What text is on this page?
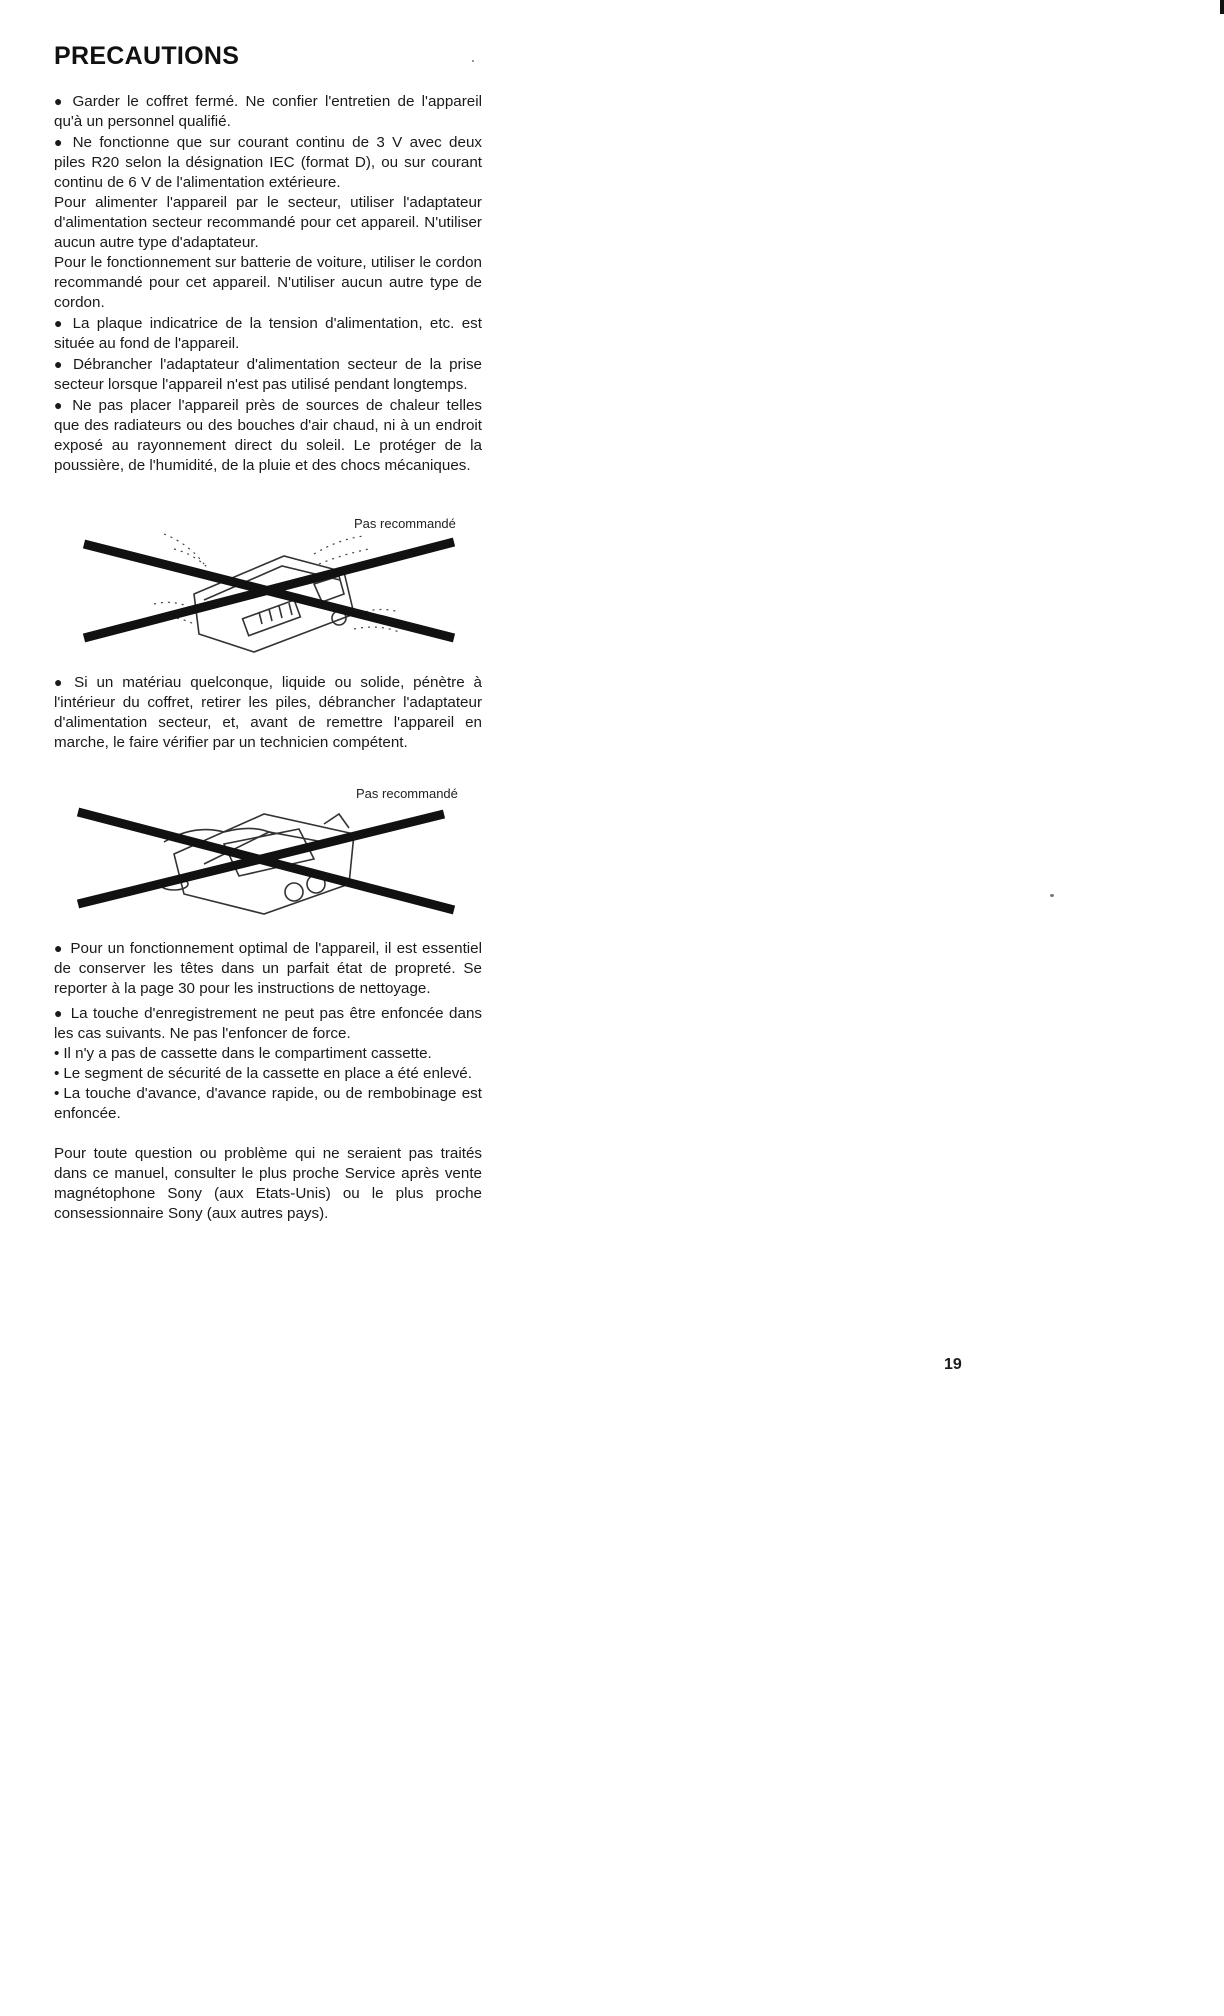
PRECAUTIONS

● Garder le coffret fermé. Ne confier l'entretien de l'appareil qu'à un personnel qualifié.

● Ne fonctionne que sur courant continu de 3 V avec deux piles R20 selon la désignation IEC (format D), ou sur courant continu de 6 V de l'alimentation extérieure.

Pour alimenter l'appareil par le secteur, utiliser l'adaptateur d'alimentation secteur recommandé pour cet appareil. N'utiliser aucun autre type d'adaptateur.

Pour le fonctionnement sur batterie de voiture, utiliser le cordon recommandé pour cet appareil. N'utiliser aucun autre type de cordon.

● La plaque indicatrice de la tension d'alimentation, etc. est située au fond de l'appareil.

● Débrancher l'adaptateur d'alimentation secteur de la prise secteur lorsque l'appareil n'est pas utilisé pendant longtemps.

● Ne pas placer l'appareil près de sources de chaleur telles que des radiateurs ou des bouches d'air chaud, ni à un endroit exposé au rayonnement direct du soleil. Le protéger de la poussière, de l'humidité, de la pluie et des chocs mécaniques.

Pas recommandé

● Si un matériau quelconque, liquide ou solide, pénètre à l'intérieur du coffret, retirer les piles, débrancher l'adaptateur d'alimentation secteur, et, avant de remettre l'appareil en marche, le faire vérifier par un technicien compétent.

Pas recommandé

● Pour un fonctionnement optimal de l'appareil, il est essentiel de conserver les têtes dans un parfait état de propreté. Se reporter à la page 30 pour les instructions de nettoyage.

● La touche d'enregistrement ne peut pas être enfoncée dans les cas suivants. Ne pas l'enfoncer de force.

• Il n'y a pas de cassette dans le compartiment cassette.

• Le segment de sécurité de la cassette en place a été enlevé.

• La touche d'avance, d'avance rapide, ou de rembobinage est enfoncée.

Pour toute question ou problème qui ne seraient pas traités dans ce manuel, consulter le plus proche Service après vente magnétophone Sony (aux Etats-Unis) ou le plus proche consessionnaire Sony (aux autres pays).

19
